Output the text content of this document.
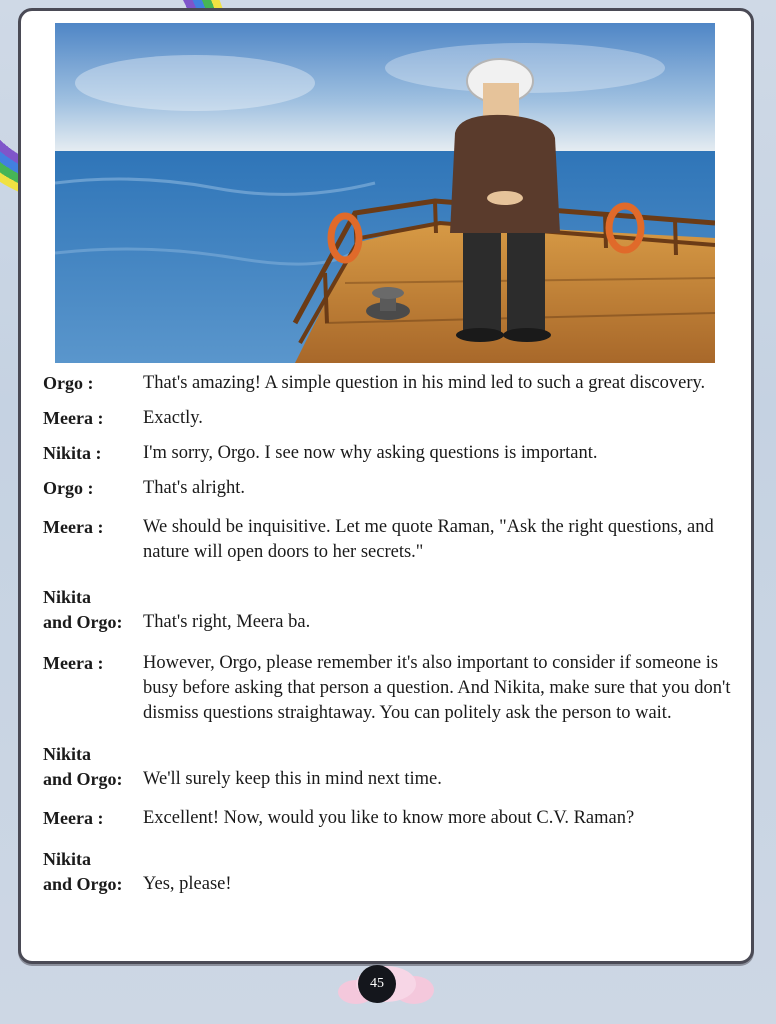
Orgo :	That's amazing! A simple question in his mind led to such a great discovery.
Meera :	Exactly.
Nikita :	I'm sorry, Orgo. I see now why asking questions is important.
Orgo :	That's alright.
Meera :	We should be inquisitive. Let me quote Raman, "Ask the right questions, and nature will open doors to her secrets."
Nikita
and Orgo:	That's right, Meera ba.
Meera :	However, Orgo, please remember it's also important to consider if someone is busy before asking that person a question. And Nikita, make sure that you don't dismiss questions straightaway. You can politely ask the person to wait.
Nikita
and Orgo:	We'll surely keep this in mind next time.
Meera :	Excellent! Now, would you like to know more about C.V. Raman?
Nikita
and Orgo:	Yes, please!
45
